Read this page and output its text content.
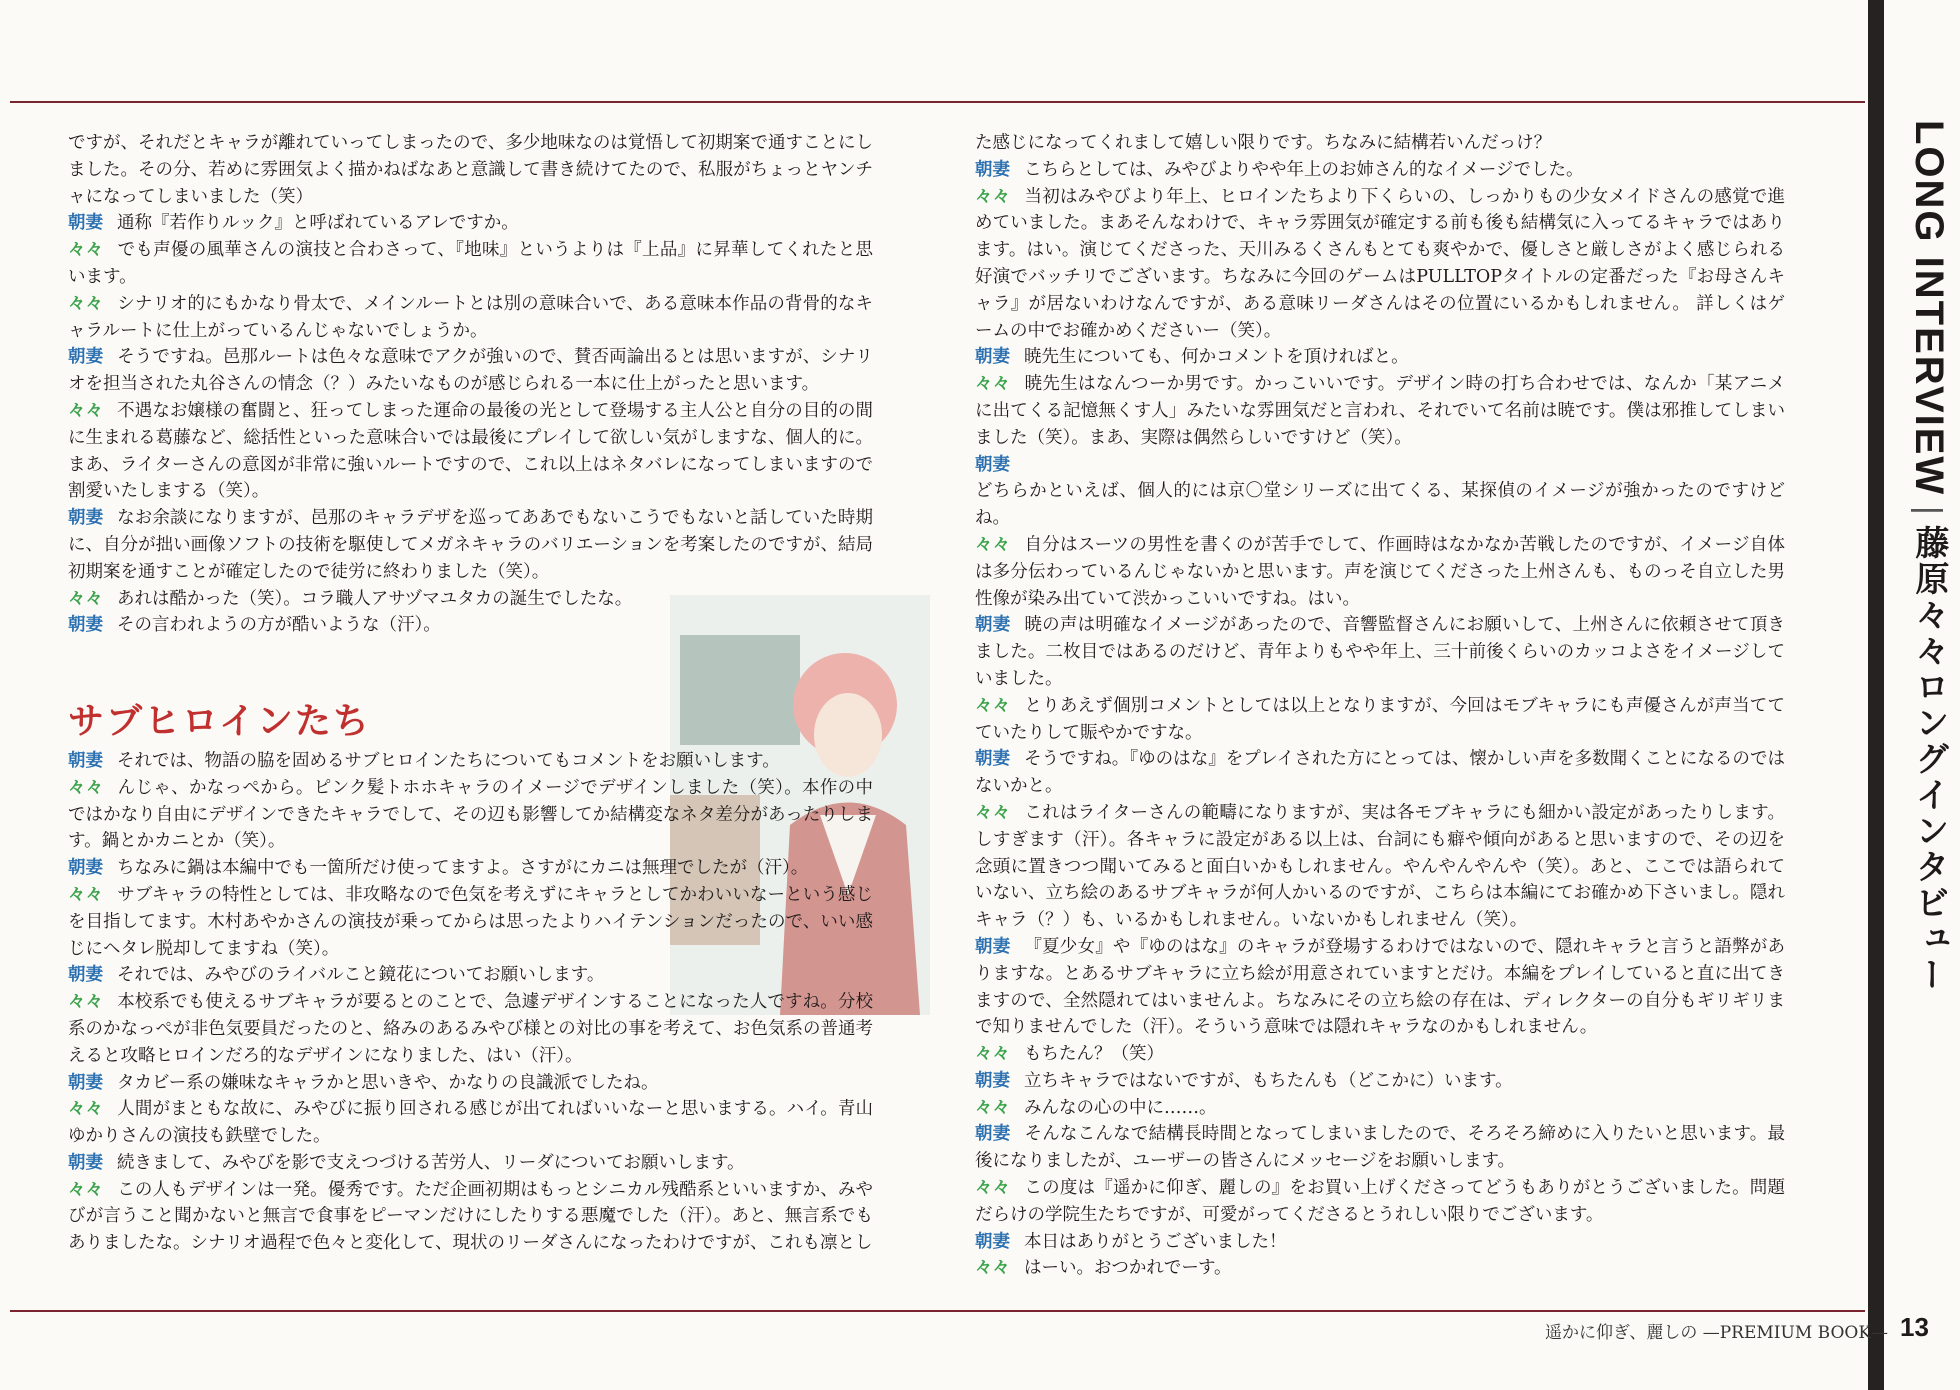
LONG INTERVIEW|藤原々々ロングインタビュー

ですが、それだとキャラが離れていってしまったので、多少地味なのは覚悟して初期案で通すことにしました。その分、若めに雰囲気よく描かねばなあと意識して書き続けてたので、私服がちょっとヤンチャになってしまいました（笑）

朝妻 通称『若作りルック』と呼ばれているアレですか。

々々 でも声優の風華さんの演技と合わさって、『地味』というよりは『上品』に昇華してくれたと思います。

々々 シナリオ的にもかなり骨太で、メインルートとは別の意味合いで、ある意味本作品の背骨的なキャラルートに仕上がっているんじゃないでしょうか。

朝妻 そうですね。邑那ルートは色々な意味でアクが強いので、賛否両論出るとは思いますが、シナリオを担当された丸谷さんの情念（？）みたいなものが感じられる一本に仕上がったと思います。

々々 不遇なお嬢様の奮闘と、狂ってしまった運命の最後の光として登場する主人公と自分の目的の間に生まれる葛藤など、総括性といった意味合いでは最後にプレイして欲しい気がしますな、個人的に。まあ、ライターさんの意図が非常に強いルートですので、これ以上はネタバレになってしまいますので割愛いたしまする（笑）。

朝妻 なお余談になりますが、邑那のキャラデザを巡ってああでもないこうでもないと話していた時期に、自分が拙い画像ソフトの技術を駆使してメガネキャラのバリエーションを考案したのですが、結局初期案を通すことが確定したので徒労に終わりました（笑）。

々々 あれは酷かった（笑）。コラ職人アサヅマユタカの誕生でしたな。

朝妻 その言われようの方が酷いような（汗）。

サブヒロインたち

朝妻 それでは、物語の脇を固めるサブヒロインたちについてもコメントをお願いします。

々々 んじゃ、かなっぺから。ピンク髪トホホキャラのイメージでデザインしました（笑）。本作の中ではかなり自由にデザインできたキャラでして、その辺も影響してか結構変なネタ差分があったりします。鍋とかカニとか（笑）。

朝妻 ちなみに鍋は本編中でも一箇所だけ使ってますよ。さすがにカニは無理でしたが（汗）。

々々 サブキャラの特性としては、非攻略なので色気を考えずにキャラとしてかわいいなーという感じを目指してます。木村あやかさんの演技が乗ってからは思ったよりハイテンションだったので、いい感じにヘタレ脱却してますね（笑）。

朝妻 それでは、みやびのライバルこと鏡花についてお願いします。

々々 本校系でも使えるサブキャラが要るとのことで、急遽デザインすることになった人ですね。分校系のかなっぺが非色気要員だったのと、絡みのあるみやび様との対比の事を考えて、お色気系の普通考えると攻略ヒロインだろ的なデザインになりました、はい（汗）。

朝妻 タカビー系の嫌味なキャラかと思いきや、かなりの良識派でしたね。

々々 人間がまともな故に、みやびに振り回される感じが出てればいいなーと思いまする。ハイ。青山ゆかりさんの演技も鉄壁でした。

朝妻 続きまして、みやびを影で支えつづける苦労人、リーダについてお願いします。

々々 この人もデザインは一発。優秀です。ただ企画初期はもっとシニカル残酷系といいますか、みやびが言うこと聞かないと無言で食事をピーマンだけにしたりする悪魔でした（汗）。あと、無言系でもありましたな。シナリオ過程で色々と変化して、現状のリーダさんになったわけですが、これも凛とし

た感じになってくれまして嬉しい限りです。ちなみに結構若いんだっけ？

朝妻 こちらとしては、みやびよりやや年上のお姉さん的なイメージでした。

々々 当初はみやびより年上、ヒロインたちより下くらいの、しっかりもの少女メイドさんの感覚で進めていました。まあそんなわけで、キャラ雰囲気が確定する前も後も結構気に入ってるキャラではあります。はい。演じてくださった、天川みるくさんもとても爽やかで、優しさと厳しさがよく感じられる好演でバッチリでございます。ちなみに今回のゲームはPULLTOPタイトルの定番だった『お母さんキャラ』が居ないわけなんですが、ある意味リーダさんはその位置にいるかもしれません。 詳しくはゲームの中でお確かめくださいー（笑）。

朝妻 暁先生についても、何かコメントを頂ければと。

々々 暁先生はなんつーか男です。かっこいいです。デザイン時の打ち合わせでは、なんか「某アニメに出てくる記憶無くす人」みたいな雰囲気だと言われ、それでいて名前は暁です。僕は邪推してしまいました（笑）。まあ、実際は偶然らしいですけど（笑）。

朝妻

どちらかといえば、個人的には京〇堂シリーズに出てくる、某探偵のイメージが強かったのですけどね。

々々 自分はスーツの男性を書くのが苦手でして、作画時はなかなか苦戦したのですが、イメージ自体は多分伝わっているんじゃないかと思います。声を演じてくださった上州さんも、ものっそ自立した男性像が染み出ていて渋かっこいいですね。はい。

朝妻 暁の声は明確なイメージがあったので、音響監督さんにお願いして、上州さんに依頼させて頂きました。二枚目ではあるのだけど、青年よりもやや年上、三十前後くらいのカッコよさをイメージしていました。

々々 とりあえず個別コメントとしては以上となりますが、今回はモブキャラにも声優さんが声当ててていたりして賑やかですな。

朝妻 そうですね。『ゆのはな』をプレイされた方にとっては、懐かしい声を多数聞くことになるのではないかと。

々々 これはライターさんの範疇になりますが、実は各モブキャラにも細かい設定があったりします。しすぎます（汗）。各キャラに設定がある以上は、台詞にも癖や傾向があると思いますので、その辺を念頭に置きつつ聞いてみると面白いかもしれません。やんやんやんや（笑）。あと、ここでは語られていない、立ち絵のあるサブキャラが何人かいるのですが、こちらは本編にてお確かめ下さいまし。隠れキャラ（？）も、いるかもしれません。いないかもしれません（笑）。

朝妻 『夏少女』や『ゆのはな』のキャラが登場するわけではないので、隠れキャラと言うと語弊がありますな。とあるサブキャラに立ち絵が用意されていますとだけ。本編をプレイしていると直に出てきますので、全然隠れてはいませんよ。ちなみにその立ち絵の存在は、ディレクターの自分もギリギリまで知りませんでした（汗）。そういう意味では隠れキャラなのかもしれません。

々々 もちたん？（笑）

朝妻 立ちキャラではないですが、もちたんも（どこかに）います。

々々 みんなの心の中に……。

朝妻 そんなこんなで結構長時間となってしまいましたので、そろそろ締めに入りたいと思います。最後になりましたが、ユーザーの皆さんにメッセージをお願いします。

々々 この度は『遥かに仰ぎ、麗しの』をお買い上げくださってどうもありがとうございました。問題だらけの学院生たちですが、可愛がってくださるとうれしい限りでございます。

朝妻 本日はありがとうございました！

々々 はーい。おつかれでーす。

遥かに仰ぎ、麗しの —PREMIUM BOOK— 13
